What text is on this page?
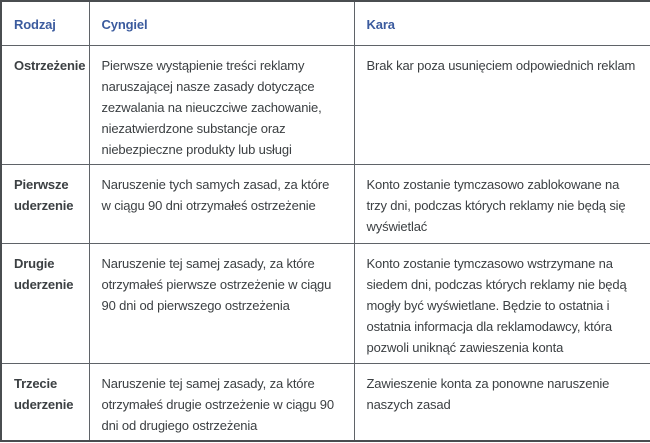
Rodzaj	Cyngiel	Kara
Ostrzeżenie	Pierwsze wystąpienie treści reklamy naruszającej nasze zasady dotyczące zezwalania na nieuczciwe zachowanie, niezatwierdzone substancje oraz niebezpieczne produkty lub usługi	Brak kar poza usunięciem odpowiednich reklam
Pierwsze uderzenie	Naruszenie tych samych zasad, za które w ciągu 90 dni otrzymałeś ostrzeżenie	Konto zostanie tymczasowo zablokowane na trzy dni, podczas których reklamy nie będą się wyświetlać
Drugie uderzenie	Naruszenie tej samej zasady, za które otrzymałeś pierwsze ostrzeżenie w ciągu 90 dni od pierwszego ostrzeżenia	Konto zostanie tymczasowo wstrzymane na siedem dni, podczas których reklamy nie będą mogły być wyświetlane. Będzie to ostatnia i ostatnia informacja dla reklamodawcy, która pozwoli uniknąć zawieszenia konta
Trzecie uderzenie	Naruszenie tej samej zasady, za które otrzymałeś drugie ostrzeżenie w ciągu 90 dni od drugiego ostrzeżenia	Zawieszenie konta za ponowne naruszenie naszych zasad
